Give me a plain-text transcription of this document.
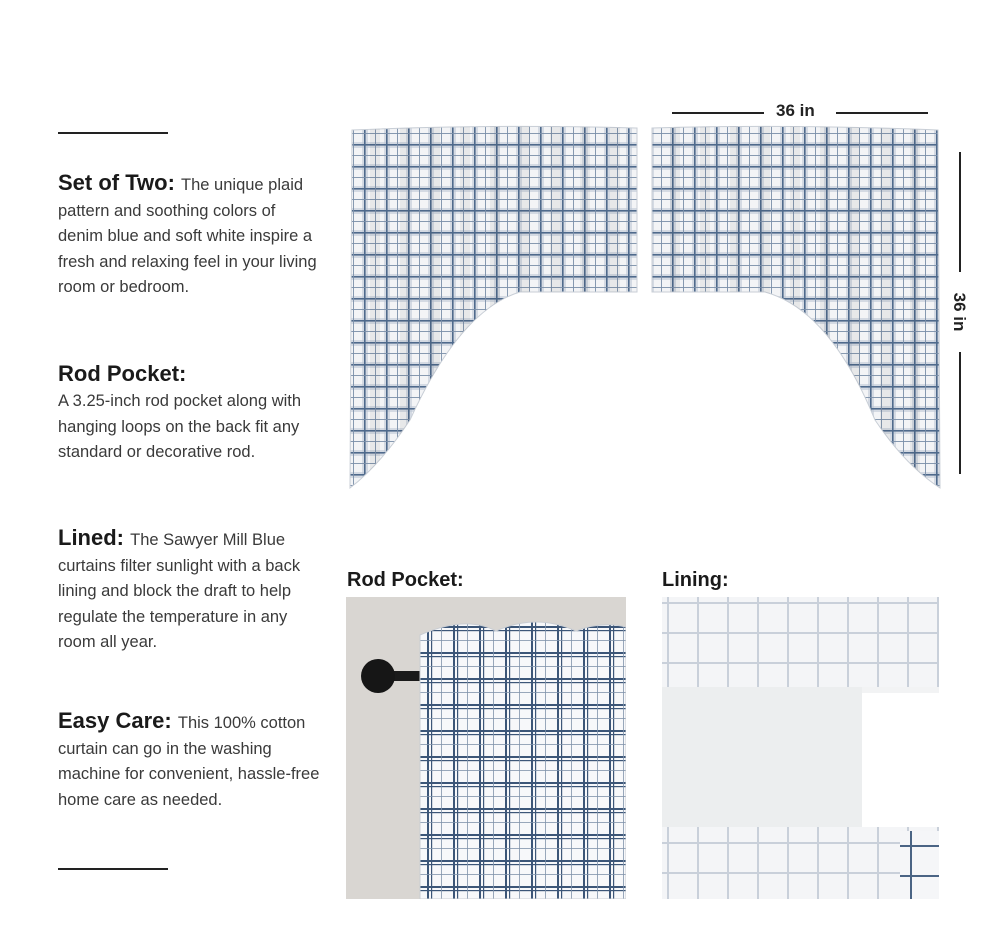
Set of Two: The unique plaid pattern and soothing colors of denim blue and soft white inspire a fresh and relaxing feel in your living room or bedroom.
Rod Pocket:
A 3.25-inch rod pocket along with hanging loops on the back fit any standard or decorative rod.
Lined: The Sawyer Mill Blue curtains filter sunlight with a back lining and block the draft to help regulate the temperature in any room all year.
Easy Care: This 100% cotton curtain can go in the washing machine for convenient, hassle-free home care as needed.
36 in
36 in
Rod Pocket:	Lining:
